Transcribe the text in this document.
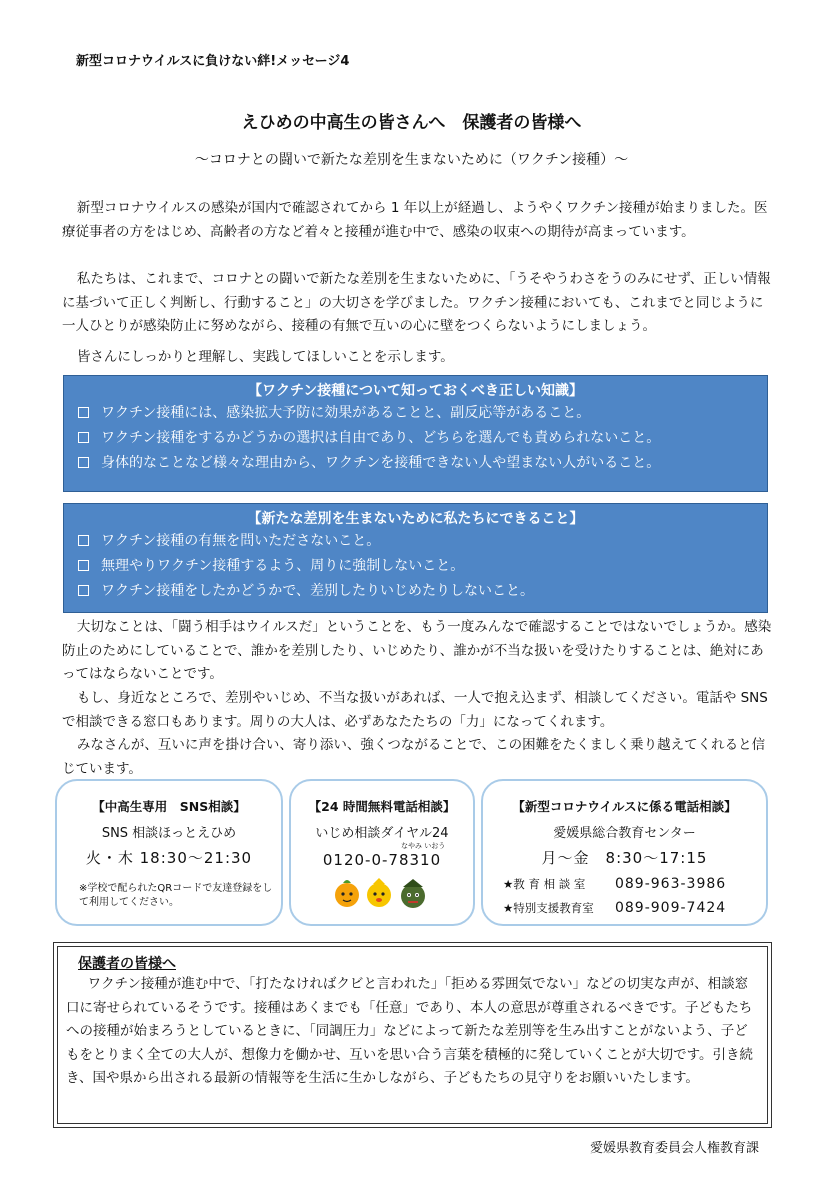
新型コロナウイルスに負けない絆!メッセージ4
えひめの中高生の皆さんへ　保護者の皆様へ
～コロナとの闘いで新たな差別を生まないために（ワクチン接種）～

新型コロナウイルスの感染が国内で確認されてから 1 年以上が経過し、ようやくワクチン接種が始まりました。医療従事者の方をはじめ、高齢者の方など着々と接種が進む中で、感染の収束への期待が高まっています。

私たちは、これまで、コロナとの闘いで新たな差別を生まないために、「うそやうわさをうのみにせず、正しい情報に基づいて正しく判断し、行動すること」の大切さを学びました。ワクチン接種においても、これまでと同じように一人ひとりが感染防止に努めながら、接種の有無で互いの心に壁をつくらないようにしましょう。

皆さんにしっかりと理解し、実践してほしいことを示します。

【ワクチン接種について知っておくべき正しい知識】
ワクチン接種には、感染拡大予防に効果があることと、副反応等があること。
ワクチン接種をするかどうかの選択は自由であり、どちらを選んでも責められないこと。
身体的なことなど様々な理由から、ワクチンを接種できない人や望まない人がいること。
【新たな差別を生まないために私たちにできること】
ワクチン接種の有無を問いたださないこと。
無理やりワクチン接種するよう、周りに強制しないこと。
ワクチン接種をしたかどうかで、差別したりいじめたりしないこと。

大切なことは、「闘う相手はウイルスだ」ということを、もう一度みんなで確認することではないでしょうか。感染防止のためにしていることで、誰かを差別したり、いじめたり、誰かが不当な扱いを受けたりすることは、絶対にあってはならないことです。

もし、身近なところで、差別やいじめ、不当な扱いがあれば、一人で抱え込まず、相談してください。電話や SNS で相談できる窓口もあります。周りの大人は、必ずあなたたちの「力」になってくれます。

みなさんが、互いに声を掛け合い、寄り添い、強くつながることで、この困難をたくましく乗り越えてくれると信じています。

【中高生専用　SNS相談】
SNS 相談ほっとえひめ
火・木 18:30～21:30
※学校で配られたQRコードで友達登録をして利用してください。
【24 時間無料電話相談】
いじめ相談ダイヤル24
なやみ いおう
0120-0-78310
【新型コロナウイルスに係る電話相談】
愛媛県総合教育センター
月～金　8:30～17:15
★教 育 相 談 室 089-963-3986
★特別支援教育室 089-909-7424
保護者の皆様へ

ワクチン接種が進む中で、「打たなければクビと言われた」「拒める雰囲気でない」などの切実な声が、相談窓口に寄せられているそうです。接種はあくまでも「任意」であり、本人の意思が尊重されるべきです。子どもたちへの接種が始まろうとしているときに、「同調圧力」などによって新たな差別等を生み出すことがないよう、子どもをとりまく全ての大人が、想像力を働かせ、互いを思い合う言葉を積極的に発していくことが大切です。引き続き、国や県から出される最新の情報等を生活に生かしながら、子どもたちの見守りをお願いいたします。

愛媛県教育委員会人権教育課
